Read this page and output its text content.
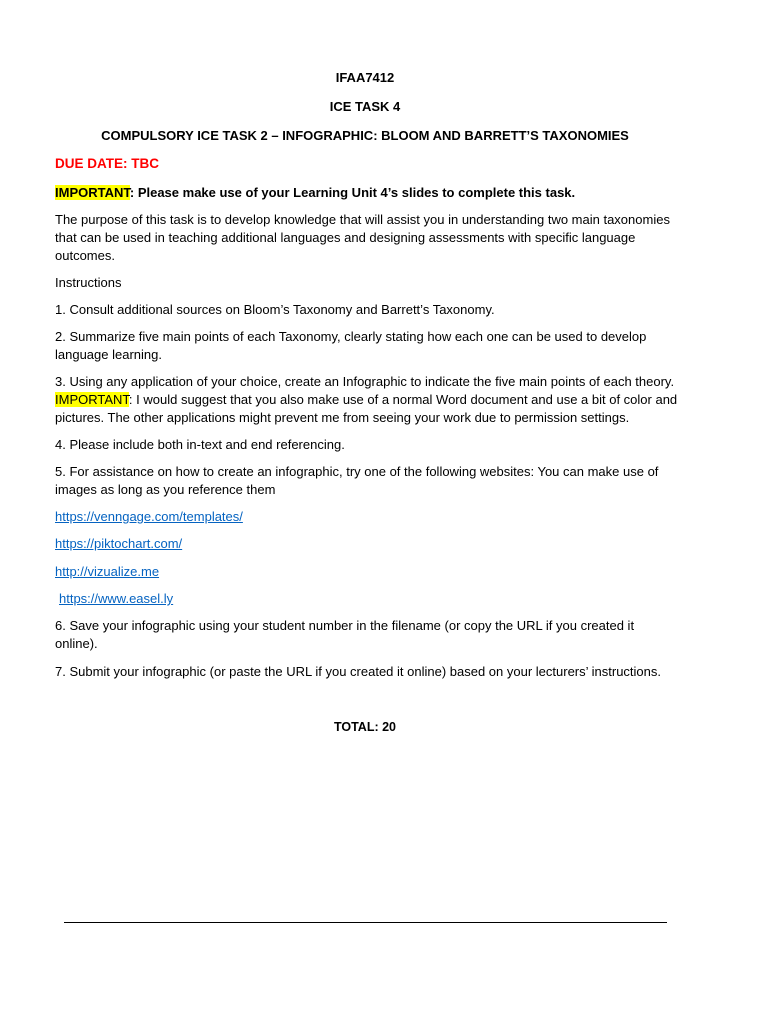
IFAA7412
ICE TASK 4
COMPULSORY ICE TASK 2 – INFOGRAPHIC: BLOOM AND BARRETT’S TAXONOMIES
DUE DATE: TBC
IMPORTANT: Please make use of your Learning Unit 4’s slides to complete this task.
The purpose of this task is to develop knowledge that will assist you in understanding two main taxonomies that can be used in teaching additional languages and designing assessments with specific language outcomes.
Instructions
1. Consult additional sources on Bloom’s Taxonomy and Barrett’s Taxonomy.
2. Summarize five main points of each Taxonomy, clearly stating how each one can be used to develop language learning.
3. Using any application of your choice, create an Infographic to indicate the five main points of each theory. IMPORTANT: I would suggest that you also make use of a normal Word document and use a bit of color and pictures. The other applications might prevent me from seeing your work due to permission settings.
4. Please include both in-text and end referencing.
5. For assistance on how to create an infographic, try one of the following websites: You can make use of images as long as you reference them
https://venngage.com/templates/
https://piktochart.com/
http://vizualize.me
https://www.easel.ly
6. Save your infographic using your student number in the filename (or copy the URL if you created it online).
7. Submit your infographic (or paste the URL if you created it online) based on your lecturers’ instructions.
TOTAL: 20
